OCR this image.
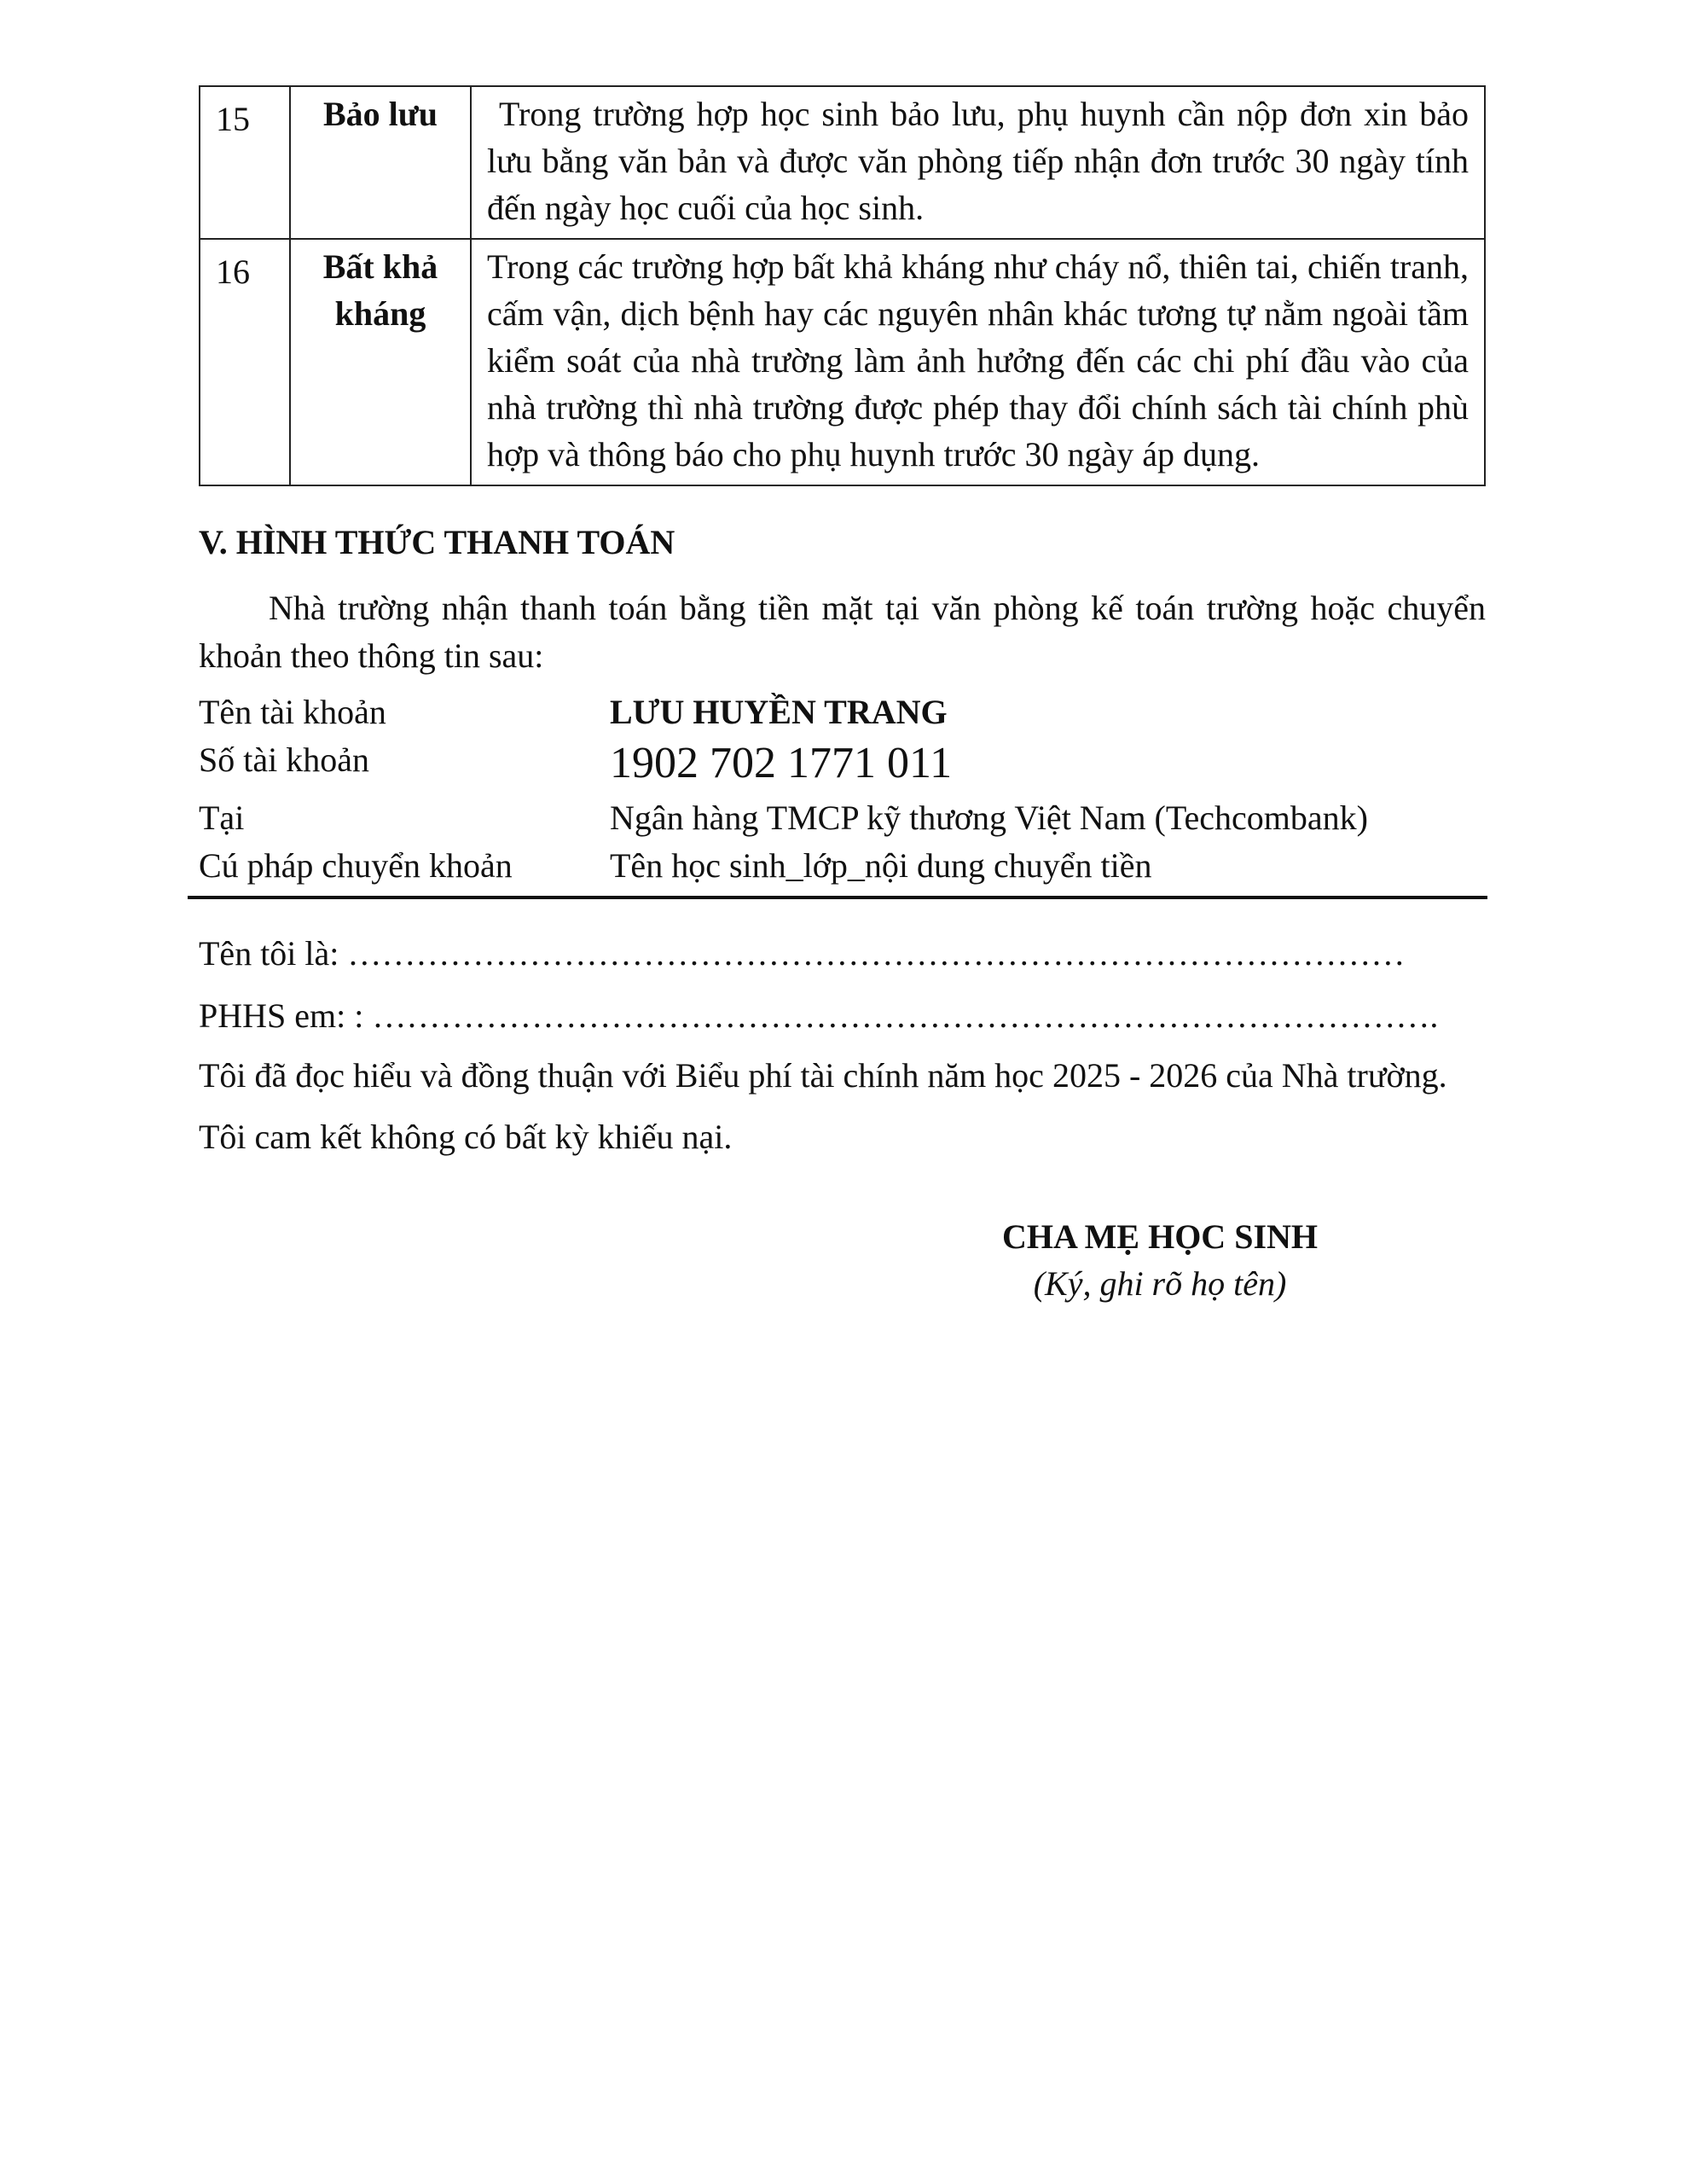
15	Bảo lưu	Trong trường hợp học sinh bảo lưu, phụ huynh cần nộp đơn xin bảo lưu bằng văn bản và được văn phòng tiếp nhận đơn trước 30 ngày tính đến ngày học cuối của học sinh.
16	Bất khả kháng	Trong các trường hợp bất khả kháng như cháy nổ, thiên tai, chiến tranh, cấm vận, dịch bệnh hay các nguyên nhân khác tương tự nằm ngoài tầm kiểm soát của nhà trường làm ảnh hưởng đến các chi phí đầu vào của nhà trường thì nhà trường được phép thay đổi chính sách tài chính phù hợp và thông báo cho phụ huynh trước 30 ngày áp dụng.
V. HÌNH THỨC THANH TOÁN

Nhà trường nhận thanh toán bằng tiền mặt tại văn phòng kế toán trường hoặc chuyển khoản theo thông tin sau:

Tên tài khoản	LƯU HUYỀN TRANG
Số tài khoản	1902 702 1771 011
Tại	Ngân hàng TMCP kỹ thương Việt Nam (Techcombank)
Cú pháp chuyển khoản	Tên học sinh_lớp_nội dung chuyển tiền

Tên tôi là: …………………………………………………………………………………

PHHS em: : ………………………………………………………………………………….

Tôi đã đọc hiểu và đồng thuận với Biểu phí tài chính năm học 2025 - 2026 của Nhà trường.

Tôi cam kết không có bất kỳ khiếu nại.

CHA MẸ HỌC SINH
(Ký, ghi rõ họ tên)
